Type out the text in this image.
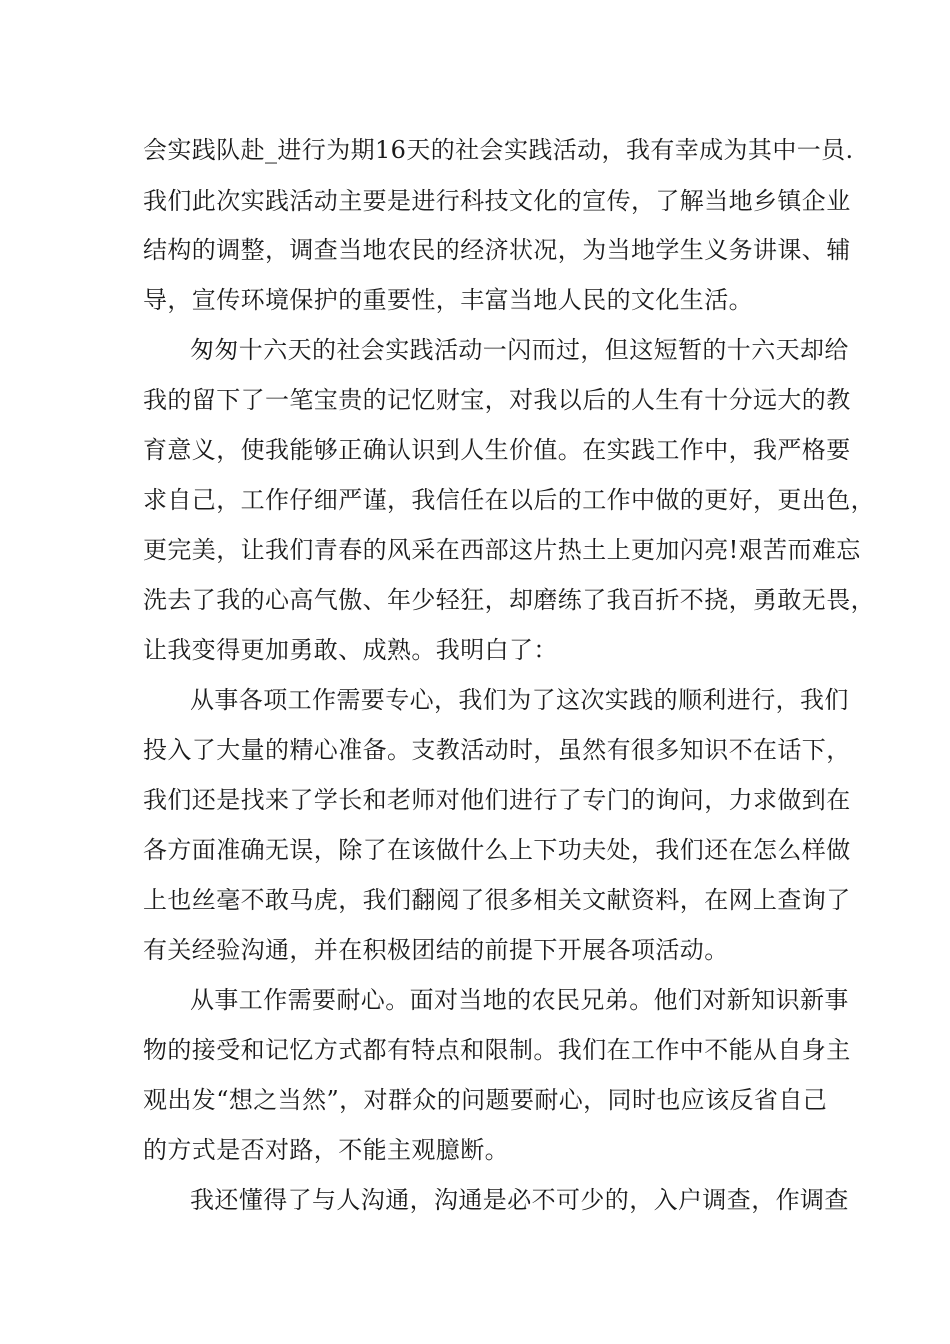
会实践队赴_进行为期16天的社会实践活动，我有幸成为其中一员.

我们此次实践活动主要是进行科技文化的宣传，了解当地乡镇企业

结构的调整，调查当地农民的经济状况，为当地学生义务讲课、辅

导，宣传环境保护的重要性，丰富当地人民的文化生活。

匆匆十六天的社会实践活动一闪而过，但这短暂的十六天却给

我的留下了一笔宝贵的记忆财宝，对我以后的人生有十分远大的教

育意义，使我能够正确认识到人生价值。在实践工作中，我严格要

求自己，工作仔细严谨，我信任在以后的工作中做的更好，更出色，

更完美，让我们青春的风采在西部这片热土上更加闪亮!艰苦而难忘

洗去了我的心高气傲、年少轻狂，却磨练了我百折不挠，勇敢无畏，

让我变得更加勇敢、成熟。我明白了：

从事各项工作需要专心，我们为了这次实践的顺利进行，我们

投入了大量的精心准备。支教活动时，虽然有很多知识不在话下，

我们还是找来了学长和老师对他们进行了专门的询问，力求做到在

各方面准确无误，除了在该做什么上下功夫处，我们还在怎么样做

上也丝毫不敢马虎，我们翻阅了很多相关文献资料，在网上查询了

有关经验沟通，并在积极团结的前提下开展各项活动。

从事工作需要耐心。面对当地的农民兄弟。他们对新知识新事

物的接受和记忆方式都有特点和限制。我们在工作中不能从自身主

观出发“想之当然”，对群众的问题要耐心，同时也应该反省自己

的方式是否对路，不能主观臆断。

我还懂得了与人沟通，沟通是必不可少的，入户调查，作调查
